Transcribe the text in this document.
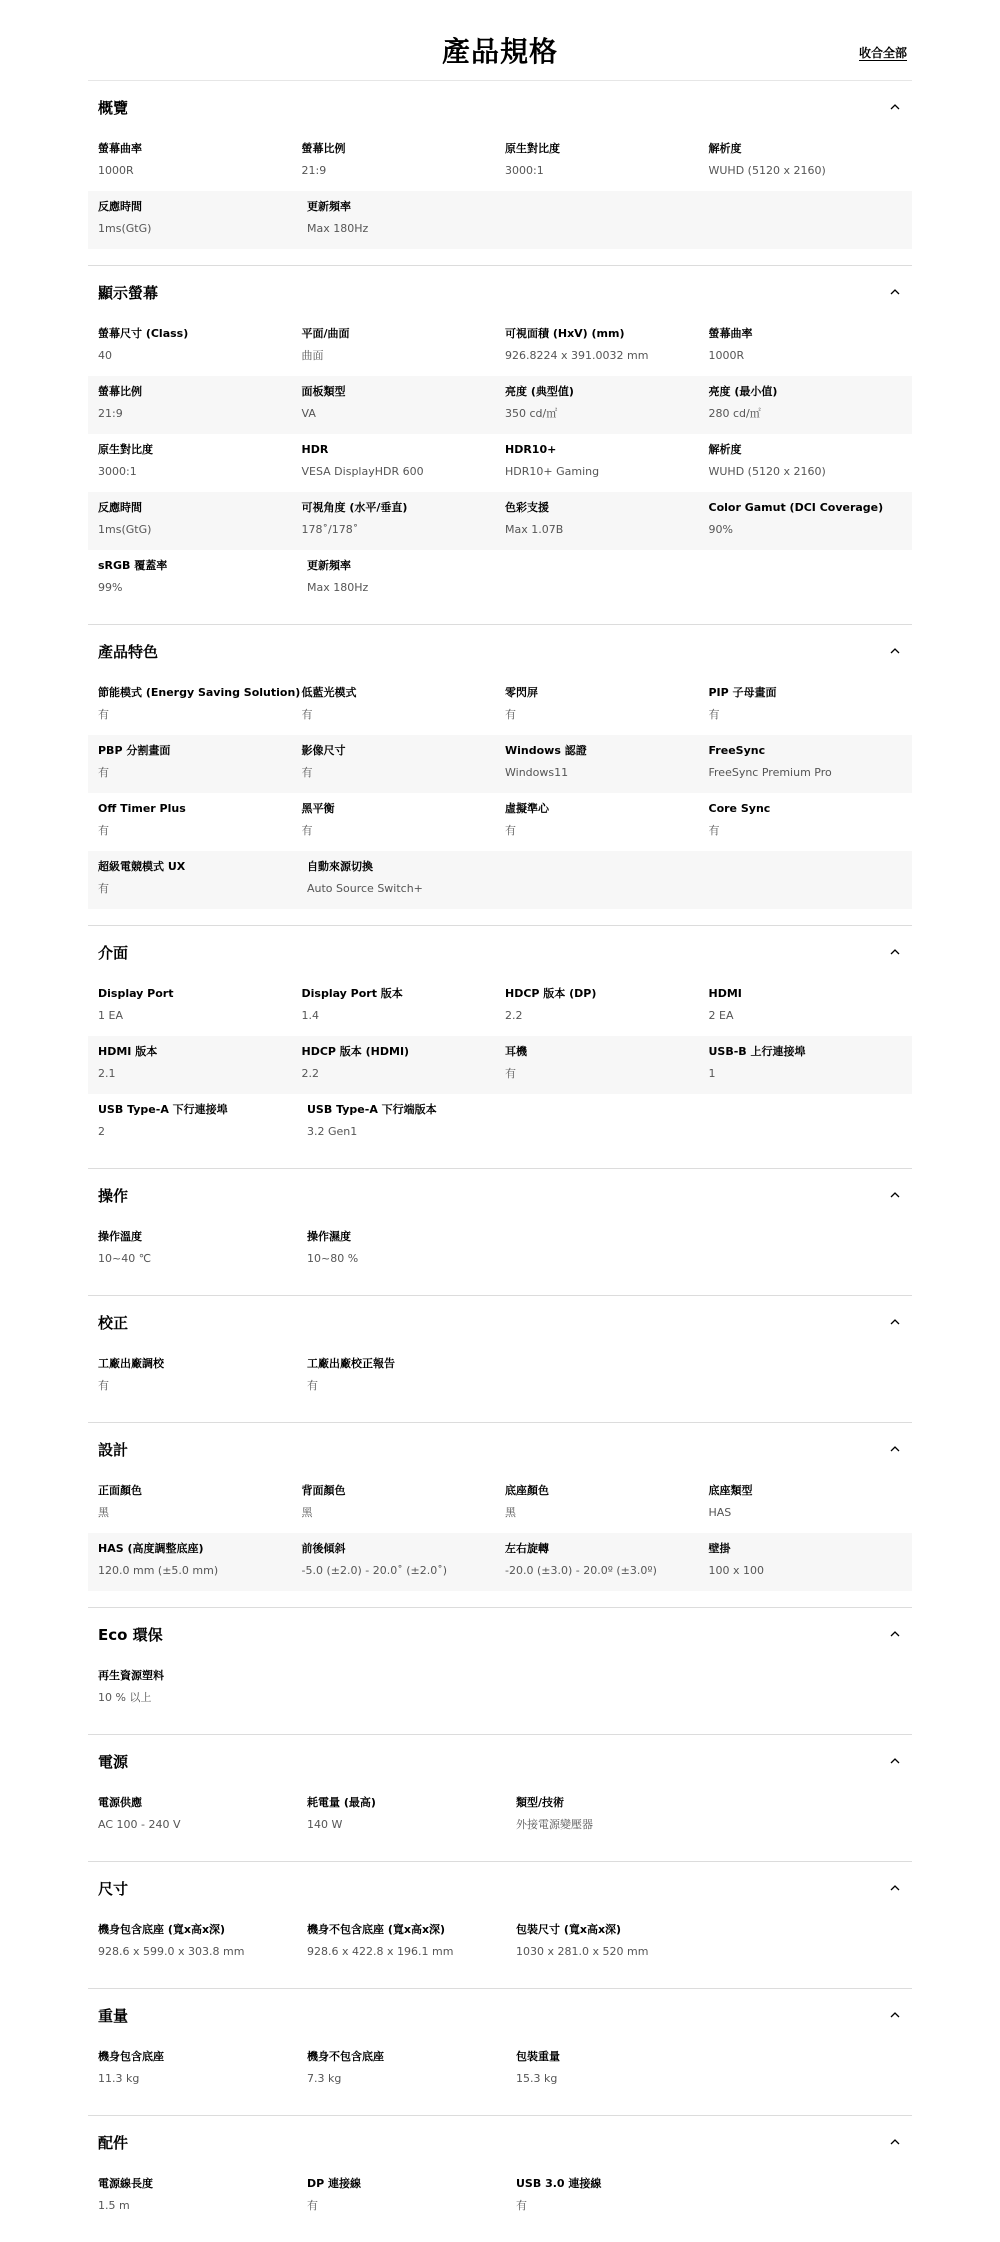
產品規格	收合全部
概覽
螢幕曲率
1000R
螢幕比例
21:9
原生對比度
3000:1
解析度
WUHD (5120 x 2160)
反應時間
1ms(GtG)
更新頻率
Max 180Hz
顯示螢幕
螢幕尺寸 (Class)
40
平面/曲面
曲面
可視面積 (HxV) (mm)
926.8224 x 391.0032 mm
螢幕曲率
1000R
螢幕比例
21:9
面板類型
VA
亮度 (典型值)
350 cd/㎡
亮度 (最小值)
280 cd/㎡
原生對比度
3000:1
HDR
VESA DisplayHDR 600
HDR10+
HDR10+ Gaming
解析度
WUHD (5120 x 2160)
反應時間
1ms(GtG)
可視角度 (水平/垂直)
178˚/178˚
色彩支援
Max 1.07B
Color Gamut (DCI Coverage)
90%
sRGB 覆蓋率
99%
更新頻率
Max 180Hz
產品特色
節能模式 (Energy Saving Solution)
有
低藍光模式
有
零閃屏
有
PIP 子母畫面
有
PBP 分割畫面
有
影像尺寸
有
Windows 認證
Windows11
FreeSync
FreeSync Premium Pro
Off Timer Plus
有
黑平衡
有
虛擬準心
有
Core Sync
有
超級電競模式 UX
有
自動來源切換
Auto Source Switch+
介面
Display Port
1 EA
Display Port 版本
1.4
HDCP 版本 (DP)
2.2
HDMI
2 EA
HDMI 版本
2.1
HDCP 版本 (HDMI)
2.2
耳機
有
USB-B 上行連接埠
1
USB Type-A 下行連接埠
2
USB Type-A 下行端版本
3.2 Gen1
操作
操作溫度
10~40 ℃
操作濕度
10~80 %
校正
工廠出廠調校
有
工廠出廠校正報告
有
設計
正面顏色
黑
背面顏色
黑
底座顏色
黑
底座類型
HAS
HAS (高度調整底座)
120.0 mm (±5.0 mm)
前後傾斜
-5.0 (±2.0) - 20.0˚ (±2.0˚)
左右旋轉
-20.0 (±3.0) - 20.0º (±3.0º)
壁掛
100 x 100
Eco 環保
再生資源塑料
10 % 以上
電源
電源供應
AC 100 - 240 V
耗電量 (最高)
140 W
類型/技術
外接電源變壓器
尺寸
機身包含底座 (寬x高x深)
928.6 x 599.0 x 303.8 mm
機身不包含底座 (寬x高x深)
928.6 x 422.8 x 196.1 mm
包裝尺寸 (寬x高x深)
1030 x 281.0 x 520 mm
重量
機身包含底座
11.3 kg
機身不包含底座
7.3 kg
包裝重量
15.3 kg
配件
電源線長度
1.5 m
DP 連接線
有
USB 3.0 連接線
有
